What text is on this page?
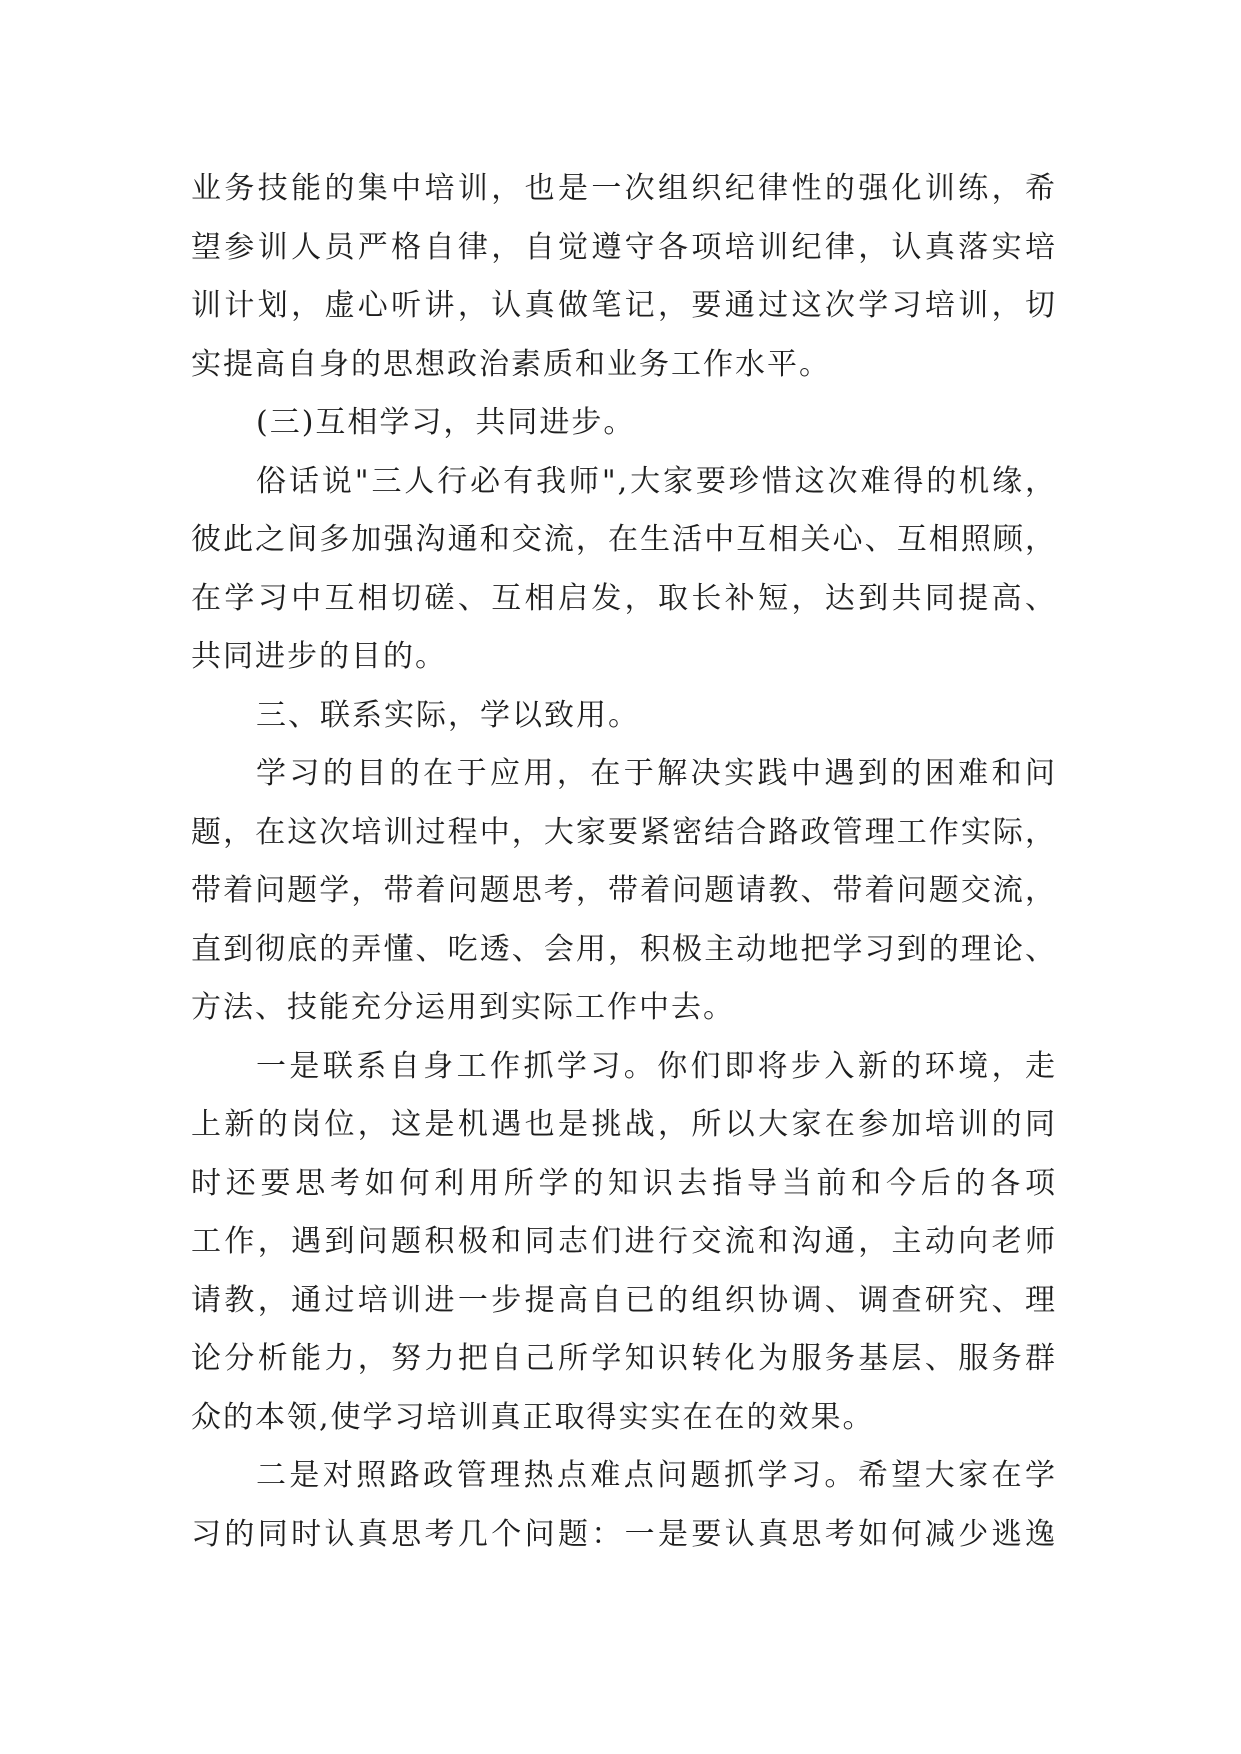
业务技能的集中培训，也是一次组织纪律性的强化训练，希
望参训人员严格自律，自觉遵守各项培训纪律，认真落实培
训计划，虚心听讲，认真做笔记，要通过这次学习培训，切
实提高自身的思想政治素质和业务工作水平。
(三)互相学习，共同进步。
俗话说"三人行必有我师",大家要珍惜这次难得的机缘，
彼此之间多加强沟通和交流，在生活中互相关心、互相照顾，
在学习中互相切磋、互相启发，取长补短，达到共同提高、
共同进步的目的。
三、联系实际，学以致用。
学习的目的在于应用，在于解决实践中遇到的困难和问
题，在这次培训过程中，大家要紧密结合路政管理工作实际，
带着问题学，带着问题思考，带着问题请教、带着问题交流，
直到彻底的弄懂、吃透、会用，积极主动地把学习到的理论、
方法、技能充分运用到实际工作中去。
一是联系自身工作抓学习。你们即将步入新的环境，走
上新的岗位，这是机遇也是挑战，所以大家在参加培训的同
时还要思考如何利用所学的知识去指导当前和今后的各项
工作，遇到问题积极和同志们进行交流和沟通，主动向老师
请教，通过培训进一步提高自已的组织协调、调查研究、理
论分析能力，努力把自己所学知识转化为服务基层、服务群
众的本领,使学习培训真正取得实实在在的效果。
二是对照路政管理热点难点问题抓学习。希望大家在学
习的同时认真思考几个问题：一是要认真思考如何减少逃逸
